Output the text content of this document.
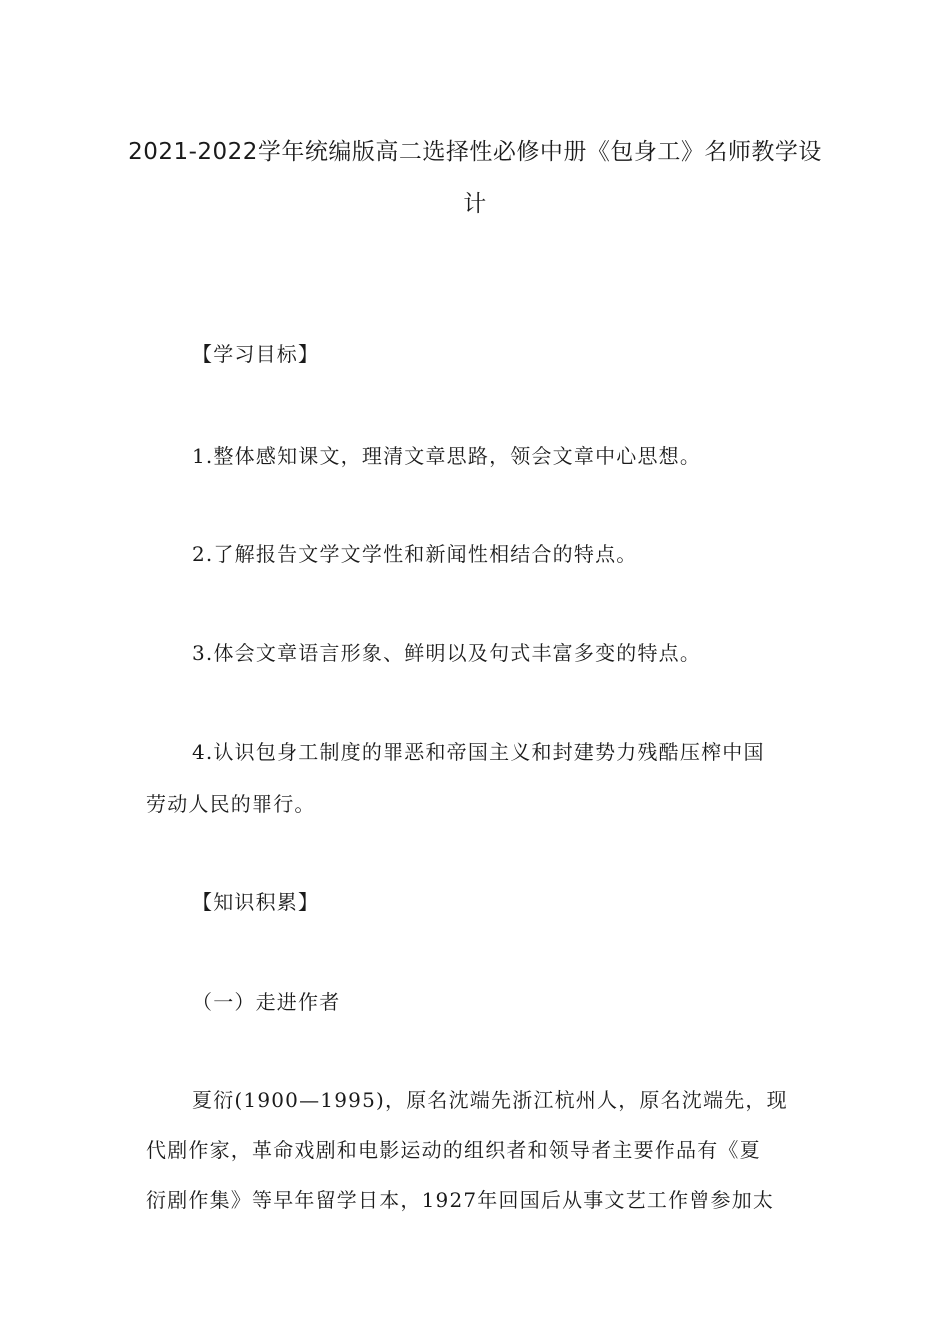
2021-2022学年统编版高二选择性必修中册《包身工》名师教学设
计
【学习目标】
1.整体感知课文，理清文章思路，领会文章中心思想。
2.了解报告文学文学性和新闻性相结合的特点。
3.体会文章语言形象、鲜明以及句式丰富多变的特点。
4.认识包身工制度的罪恶和帝国主义和封建势力残酷压榨中国
劳动人民的罪行。
【知识积累】
（一）走进作者
夏衍(1900—1995)，原名沈端先浙江杭州人，原名沈端先，现
代剧作家，革命戏剧和电影运动的组织者和领导者主要作品有《夏
衍剧作集》等早年留学日本，1927年回国后从事文艺工作曾参加太
